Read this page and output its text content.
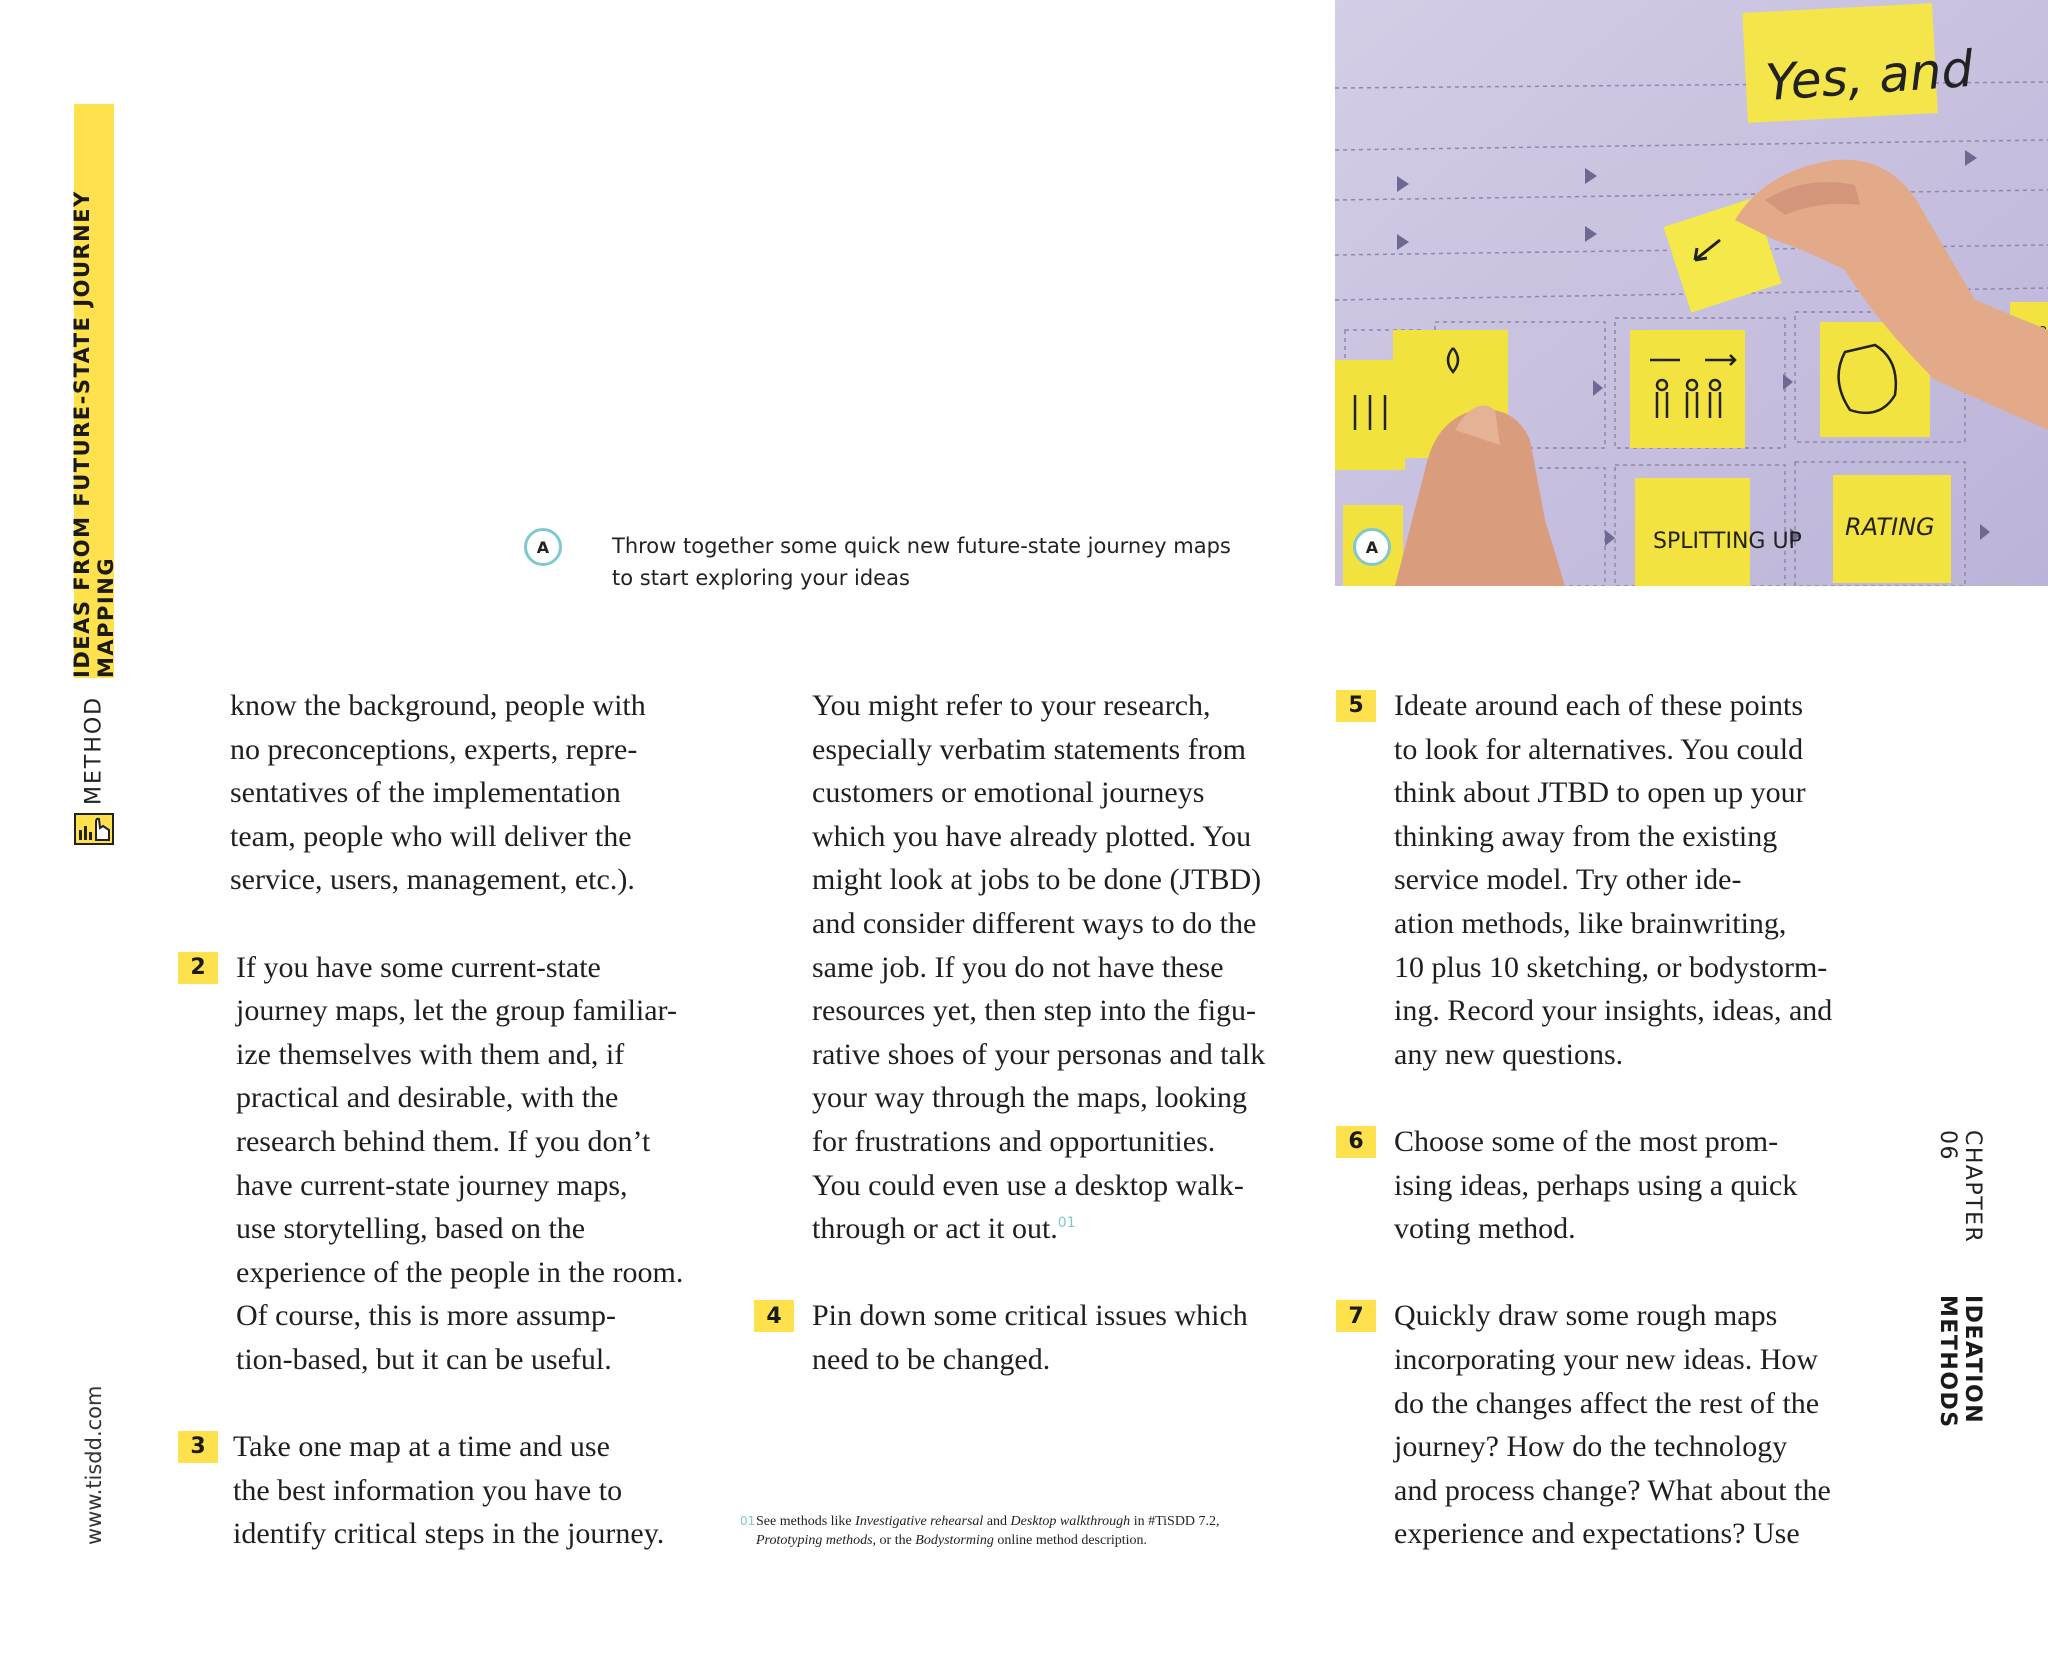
IDEAS FROM FUTURE-STATE JOURNEY MAPPING
METHOD
www.tisdd.com
CHAPTER 06
IDEATION METHODS
Yes, and
SPLITTING UP
RATING
A
A	Throw together some quick new future-state journey maps
to start exploring your ideas

know the background, people with
no preconceptions, experts, repre-
sentatives of the implementation
team, people who will deliver the
service, users, management, etc.).

2	If you have some current-state
journey maps, let the group familiar-
ize themselves with them and, if
practical and desirable, with the
research behind them. If you don’t
have current-state journey maps,
use storytelling, based on the
experience of the people in the room.
Of course, this is more assump-
tion-based, but it can be useful.

3 Take one map at a time and use
the best information you have to
identify critical steps in the journey.

You might refer to your research,
especially verbatim statements from
customers or emotional journeys
which you have already plotted. You
might look at jobs to be done (JTBD)
and consider different ways to do the
same job. If you do not have these
resources yet, then step into the figu-
rative shoes of your personas and talk
your way through the maps, looking
for frustrations and opportunities.
You could even use a desktop walk-
through or act it out.$^{01}$

4	Pin down some critical issues which
need to be changed.

5	Ideate around each of these points
to look for alternatives. You could
think about JTBD to open up your
thinking away from the existing
service model. Try other ide-
ation methods, like brainwriting,
10 plus 10 sketching, or bodystorm-
ing. Record your insights, ideas, and
any new questions.

6	Choose some of the most prom-
ising ideas, perhaps using a quick
voting method.

7	Quickly draw some rough maps
incorporating your new ideas. How
do the changes affect the rest of the
journey? How do the technology
and process change? What about the
experience and expectations? Use

01 See methods like Investigative rehearsal and Desktop walkthrough in #TiSDD 7.2,
Prototyping methods, or the Bodystorming online method description.
